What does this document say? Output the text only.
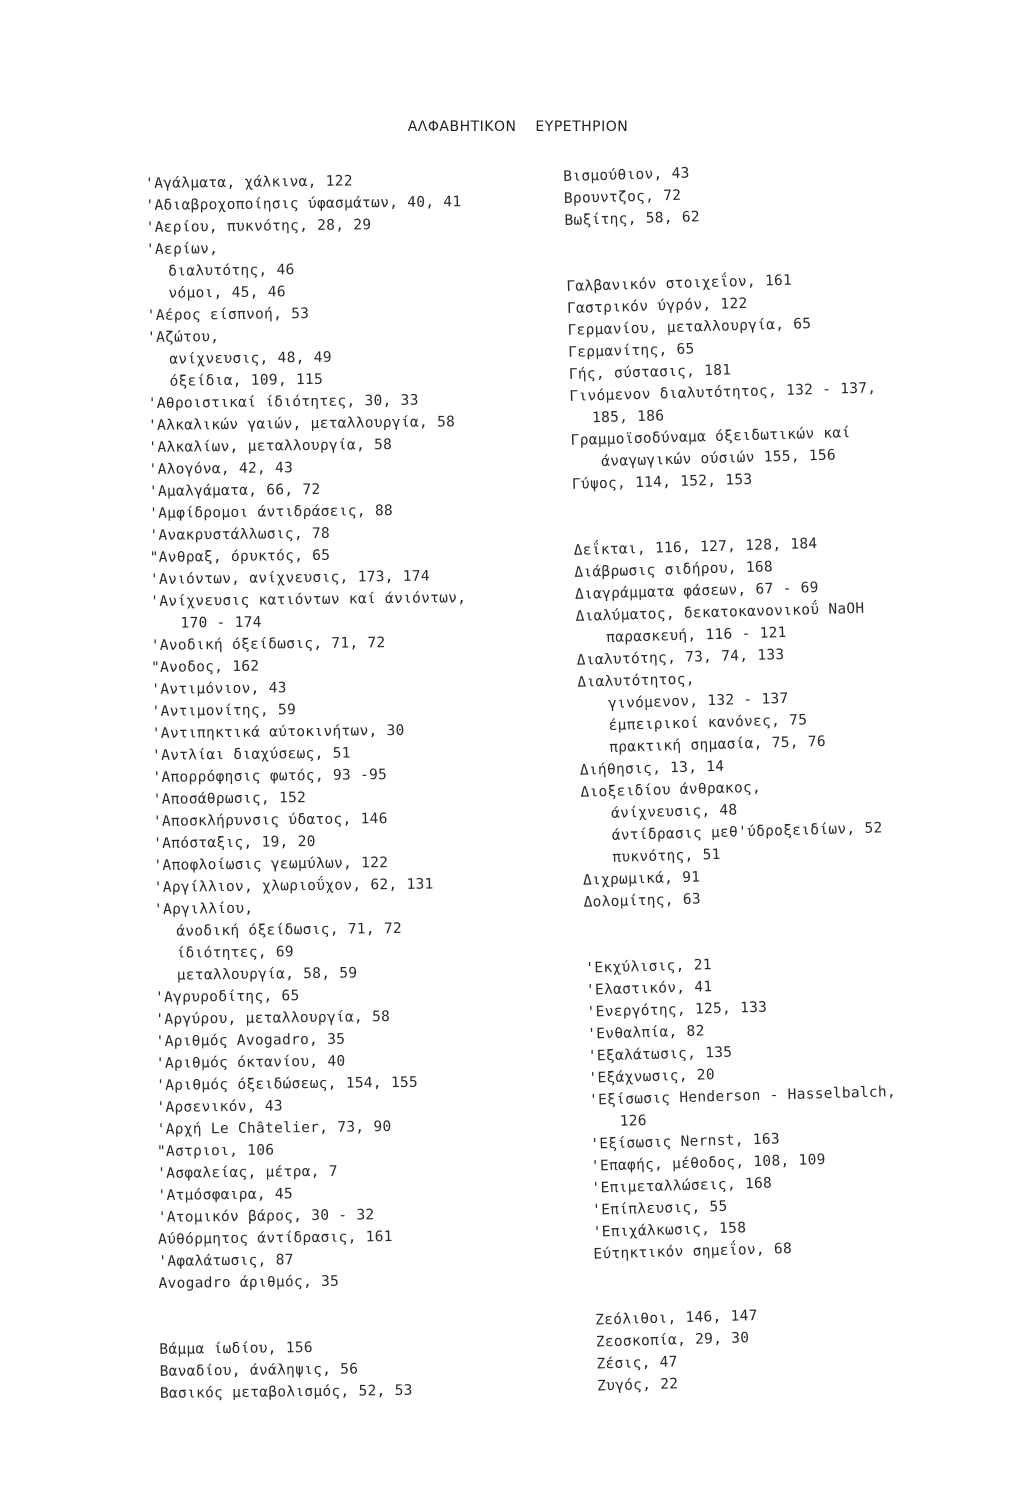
ΑΛΦΑΒΗΤΙΚΟΝ ΕΥΡΕΤΗΡΙΟΝ
'Αγάλματα, χάλκινα, 122
'Αδιαβροχοποίησις ύφασμάτων, 40, 41
'Αερίου, πυκνότης, 28, 29
'Αερίων,
διαλυτότης, 46
νόμοι, 45, 46
'Αέρος είσπνοή, 53
'Αζώτου,
ανίχνευσις, 48, 49
όξείδια, 109, 115
'Αθροιστικαί ίδιότητες, 30, 33
'Αλκαλικών γαιών, μεταλλουργία, 58
'Αλκαλίων, μεταλλουργία, 58
'Αλογόνα, 42, 43
'Αμαλγάματα, 66, 72
'Αμφίδρομοι άντιδράσεις, 88
'Ανακρυστάλλωσις, 78
"Ανθραξ, όρυκτός, 65
'Ανιόντων, ανίχνευσις, 173, 174
'Ανίχνευσις κατιόντων καί άνιόντων,
170 - 174
'Ανοδική όξείδωσις, 71, 72
"Ανοδος, 162
'Αντιμόνιον, 43
'Αντιμονίτης, 59
'Αντιπηκτικά αύτοκινήτων, 30
'Αντλίαι διαχύσεως, 51
'Απορρόφησις φωτός, 93 -95
'Αποσάθρωσις, 152
'Αποσκλήρυνσις ύδατος, 146
'Απόσταξις, 19, 20
'Αποφλοίωσις γεωμύλων, 122
'Αργίλλιον, χλωριοΰχον, 62, 131
'Αργιλλίου,
άνοδική όξείδωσις, 71, 72
ίδιότητες, 69
μεταλλουργία, 58, 59
'Αγρυροδίτης, 65
'Αργύρου, μεταλλουργία, 58
'Αριθμός Avogadro, 35
'Αριθμός όκτανίου, 40
'Αριθμός όξειδώσεως, 154, 155
'Αρσενικόν, 43
'Αρχή Le Châtelier, 73, 90
"Αστριοι, 106
'Ασφαλείας, μέτρα, 7
'Ατμόσφαιρα, 45
'Ατομικόν βάρος, 30 - 32
Αύθόρμητος άντίδρασις, 161
'Αφαλάτωσις, 87
Avogadro άριθμός, 35
Βάμμα ίωδίου, 156
Βαναδίου, άνάληψις, 56
Βασικός μεταβολισμός, 52, 53
Βισμούθιον, 43
Βρουντζος, 72
Βωξίτης, 58, 62
Γαλβανικόν στοιχεΐον, 161
Γαστρικόν ύγρόν, 122
Γερμανίου, μεταλλουργία, 65
Γερμανίτης, 65
Γής, σύστασις, 181
Γινόμενον διαλυτότητος, 132 - 137,
185, 186
Γραμμοϊσοδύναμα όξειδωτικών καί
άναγωγικών ούσιών 155, 156
Γύψος, 114, 152, 153
Δεΐκται, 116, 127, 128, 184
Διάβρωσις σιδήρου, 168
Διαγράμματα φάσεων, 67 - 69
Διαλύματος, δεκατοκανονικοΰ NaOH
παρασκευή, 116 - 121
Διαλυτότης, 73, 74, 133
Διαλυτότητος,
γινόμενον, 132 - 137
έμπειρικοί κανόνες, 75
πρακτική σημασία, 75, 76
Διήθησις, 13, 14
Διοξειδίου άνθρακος,
άνίχνευσις, 48
άντίδρασις μεθ'ύδροξειδίων, 52
πυκνότης, 51
Διχρωμικά, 91
Δολομίτης, 63
'Εκχύλισις, 21
'Ελαστικόν, 41
'Ενεργότης, 125, 133
'Ενθαλπία, 82
'Εξαλάτωσις, 135
'Εξάχνωσις, 20
'Εξίσωσις Henderson - Hasselbalch,
126
'Εξίσωσις Nernst, 163
'Επαφής, μέθοδος, 108, 109
'Επιμεταλλώσεις, 168
'Επίπλευσις, 55
'Επιχάλκωσις, 158
Εύτηκτικόν σημεΐον, 68
Ζεόλιθοι, 146, 147
Ζεοσκοπία, 29, 30
Ζέσις, 47
Ζυγός, 22
